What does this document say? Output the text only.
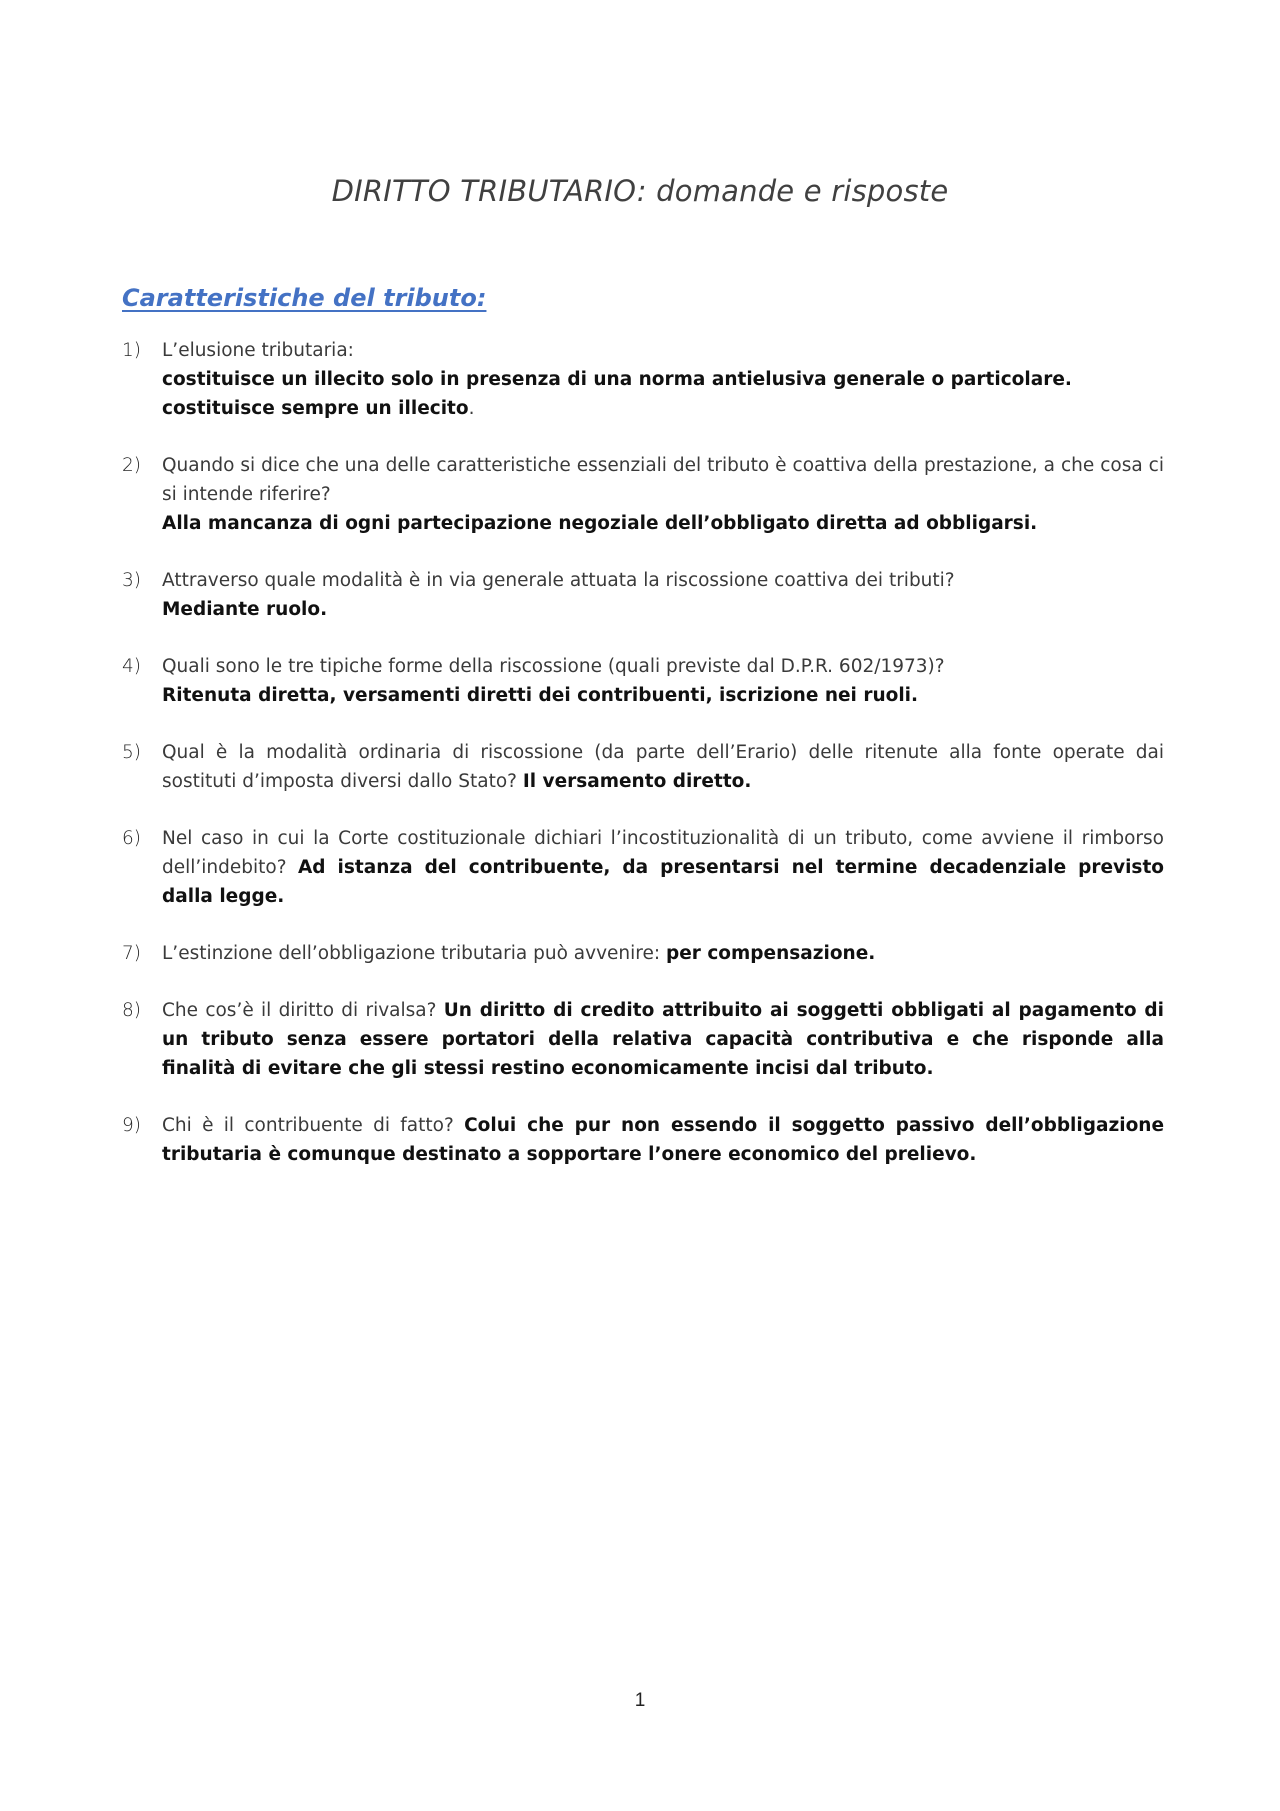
DIRITTO TRIBUTARIO: domande e risposte
Caratteristiche del tributo:
1)	L’elusione tributaria:
costituisce un illecito solo in presenza di una norma antielusiva generale o particolare.
costituisce sempre un illecito.
2)	Quando si dice che una delle caratteristiche essenziali del tributo è coattiva della prestazione, a che cosa ci si intende riferire?
Alla mancanza di ogni partecipazione negoziale dell’obbligato diretta ad obbligarsi.
3)	Attraverso quale modalità è in via generale attuata la riscossione coattiva dei tributi?
Mediante ruolo.
4)	Quali sono le tre tipiche forme della riscossione (quali previste dal D.P.R. 602/1973)?
Ritenuta diretta, versamenti diretti dei contribuenti, iscrizione nei ruoli.
5)	Qual è la modalità ordinaria di riscossione (da parte dell’Erario) delle ritenute alla fonte operate dai sostituti d’imposta diversi dallo Stato? Il versamento diretto.
6)	Nel caso in cui la Corte costituzionale dichiari l’incostituzionalità di un tributo, come avviene il rimborso dell’indebito? Ad istanza del contribuente, da presentarsi nel termine decadenziale previsto dalla legge.
7)	L’estinzione dell’obbligazione tributaria può avvenire: per compensazione.
8)	Che cos’è il diritto di rivalsa? Un diritto di credito attribuito ai soggetti obbligati al pagamento di un tributo senza essere portatori della relativa capacità contributiva e che risponde alla finalità di evitare che gli stessi restino economicamente incisi dal tributo.
9)	Chi è il contribuente di fatto? Colui che pur non essendo il soggetto passivo dell’obbligazione tributaria è comunque destinato a sopportare l’onere economico del prelievo.
1
